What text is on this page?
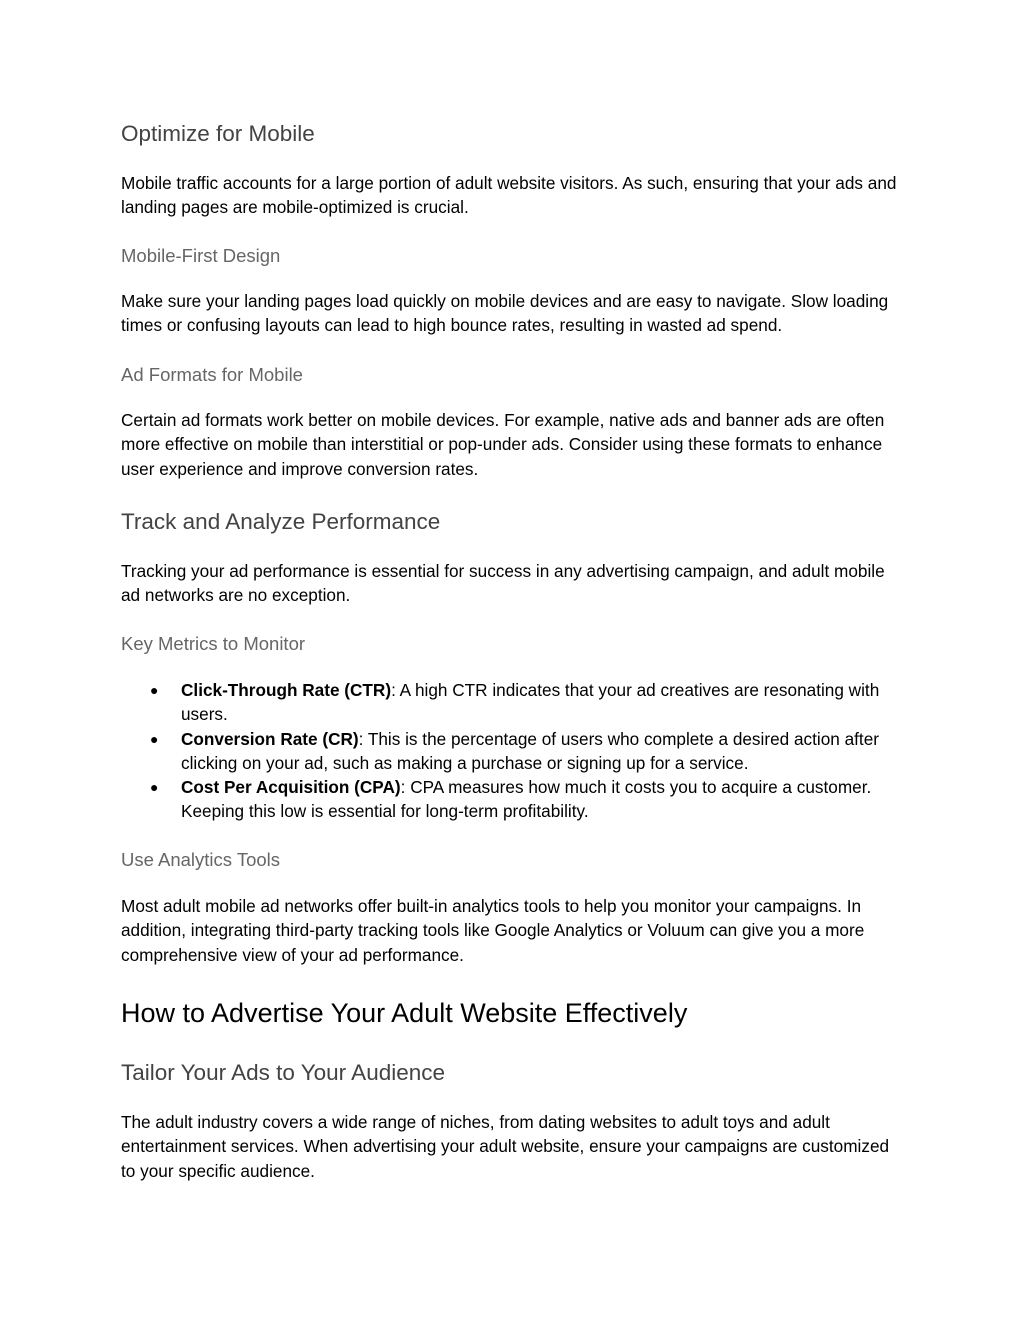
Optimize for Mobile

Mobile traffic accounts for a large portion of adult website visitors. As such, ensuring that your ads and landing pages are mobile-optimized is crucial.

Mobile-First Design

Make sure your landing pages load quickly on mobile devices and are easy to navigate. Slow loading times or confusing layouts can lead to high bounce rates, resulting in wasted ad spend.

Ad Formats for Mobile

Certain ad formats work better on mobile devices. For example, native ads and banner ads are often more effective on mobile than interstitial or pop-under ads. Consider using these formats to enhance user experience and improve conversion rates.

Track and Analyze Performance

Tracking your ad performance is essential for success in any advertising campaign, and adult mobile ad networks are no exception.

Key Metrics to Monitor
● Click-Through Rate (CTR): A high CTR indicates that your ad creatives are resonating with users.
● Conversion Rate (CR): This is the percentage of users who complete a desired action after clicking on your ad, such as making a purchase or signing up for a service.
● Cost Per Acquisition (CPA): CPA measures how much it costs you to acquire a customer. Keeping this low is essential for long-term profitability.
Use Analytics Tools

Most adult mobile ad networks offer built-in analytics tools to help you monitor your campaigns. In addition, integrating third-party tracking tools like Google Analytics or Voluum can give you a more comprehensive view of your ad performance.

How to Advertise Your Adult Website Effectively
Tailor Your Ads to Your Audience

The adult industry covers a wide range of niches, from dating websites to adult toys and adult entertainment services. When advertising your adult website, ensure your campaigns are customized to your specific audience.
